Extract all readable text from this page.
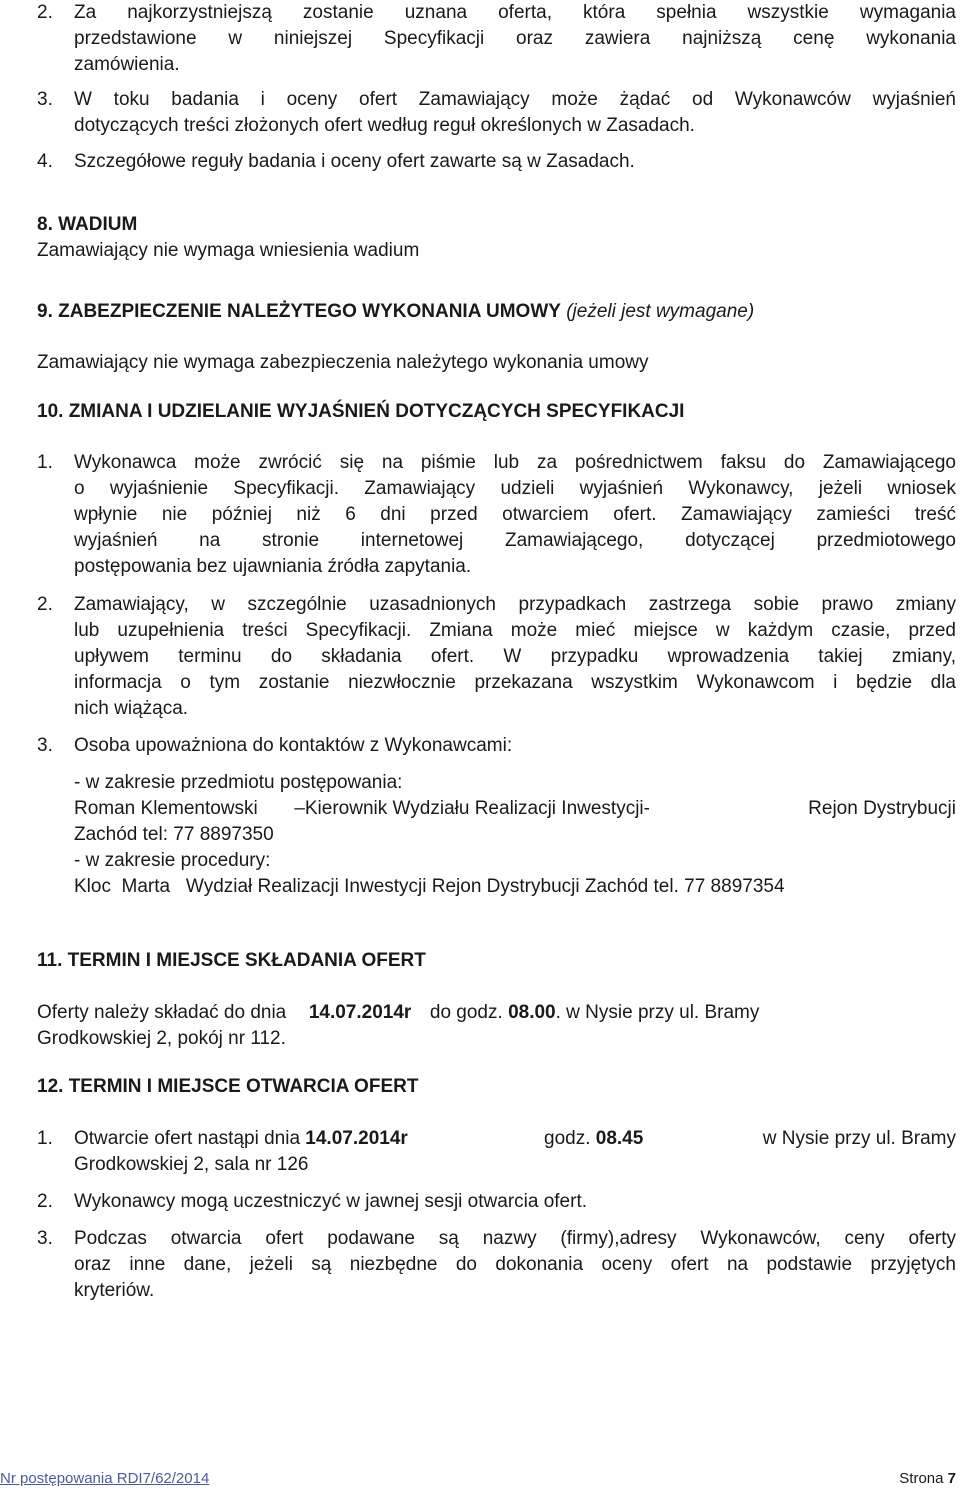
2. Za najkorzystniejszą zostanie uznana oferta, która spełnia wszystkie wymagania
przedstawione w niniejszej Specyfikacji oraz zawiera najniższą cenę wykonania
zamówienia.
3. W toku badania i oceny ofert Zamawiający może żądać od Wykonawców wyjaśnień
dotyczących treści złożonych ofert według reguł określonych w Zasadach.
4. Szczegółowe reguły badania i oceny ofert zawarte są w Zasadach.
8. WADIUM
Zamawiający nie wymaga wniesienia wadium
9. ZABEZPIECZENIE NALEŻYTEGO WYKONANIA UMOWY (jeżeli jest wymagane)
Zamawiający nie wymaga zabezpieczenia należytego wykonania umowy
10. ZMIANA I UDZIELANIE WYJAŚNIEŃ DOTYCZĄCYCH SPECYFIKACJI
1. Wykonawca może zwrócić się na piśmie lub za pośrednictwem faksu do Zamawiającego
o wyjaśnienie Specyfikacji. Zamawiający udzieli wyjaśnień Wykonawcy, jeżeli wniosek
wpłynie nie później niż 6 dni przed otwarciem ofert. Zamawiający zamieści treść
wyjaśnień na stronie internetowej Zamawiającego, dotyczącej przedmiotowego
postępowania bez ujawniania źródła zapytania.
2. Zamawiający, w szczególnie uzasadnionych przypadkach zastrzega sobie prawo zmiany
lub uzupełnienia treści Specyfikacji. Zmiana może mieć miejsce w każdym czasie, przed
upływem terminu do składania ofert. W przypadku wprowadzenia takiej zmiany,
informacja o tym zostanie niezwłocznie przekazana wszystkim Wykonawcom i będzie dla
nich wiążąca.
3. Osoba upoważniona do kontaktów z Wykonawcami:
- w zakresie przedmiotu postępowania:
Roman Klementowski –Kierownik Wydziału Realizacji Inwestycji-	Rejon Dystrybucji
Zachód tel: 77 8897350
- w zakresie procedury:
Kloc  Marta   Wydział Realizacji Inwestycji Rejon Dystrybucji Zachód tel. 77 8897354
11. TERMIN I MIEJSCE SKŁADANIA OFERT
Oferty należy składać do dnia 14.07.2014r do godz. 08.00. w Nysie przy ul. Bramy
Grodkowskiej 2, pokój nr 112.
12. TERMIN I MIEJSCE OTWARCIA OFERT
1. Otwarcie ofert nastąpi dnia 14.07.2014r	godz. 08.45	w Nysie przy ul. Bramy
Grodkowskiej 2, sala nr 126
2. Wykonawcy mogą uczestniczyć w jawnej sesji otwarcia ofert.
3. Podczas otwarcia ofert podawane są nazwy (firmy),adresy Wykonawców, ceny oferty
oraz inne dane, jeżeli są niezbędne do dokonania oceny ofert na podstawie przyjętych
kryteriów.
Nr postępowania RDI7/62/2014	Strona 7
